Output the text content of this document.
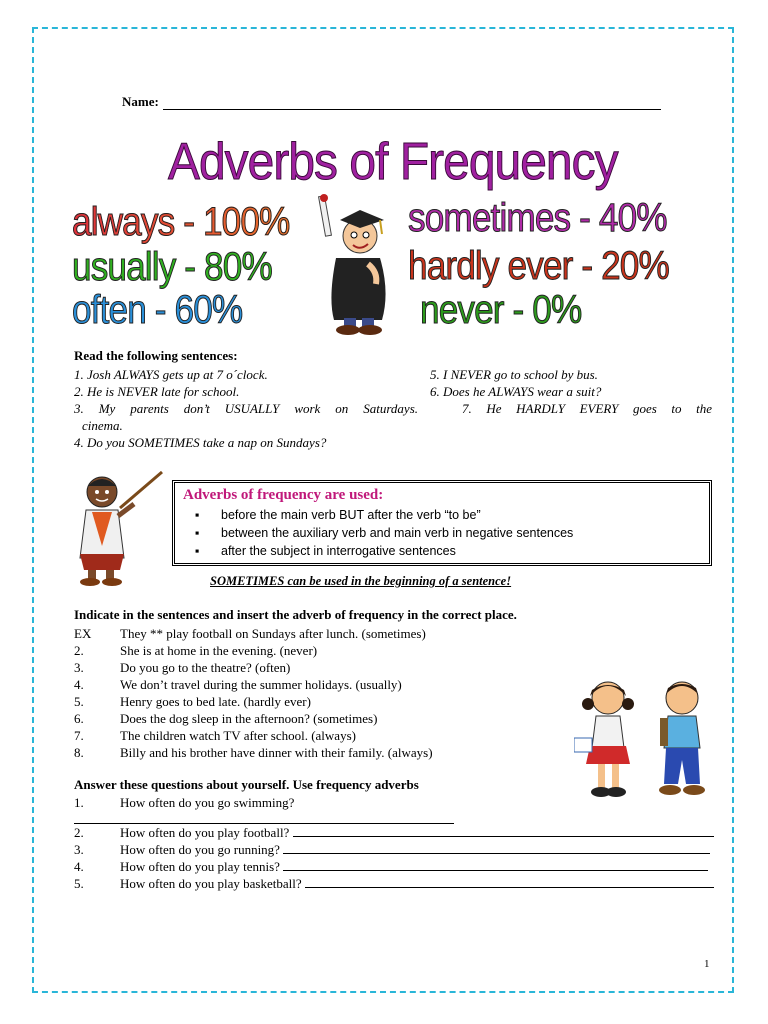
Name:
Adverbs of Frequency
always - 100%
usually - 80%
often - 60%
sometimes - 40%
hardly ever - 20%
never - 0%
Read the following sentences:
1. Josh ALWAYS gets up at 7 o´clock.
2. He is NEVER late for school.
3. My parents don’t USUALLY work on Saturdays.
cinema.
4. Do you SOMETIMES take a nap on Sundays?
5. I NEVER go to school by bus.
6. Does he ALWAYS wear a suit?
7. He HARDLY EVERY goes to the
Adverbs of frequency are used:
▪ before the main verb BUT after the verb “to be”
▪ between the auxiliary verb and main verb in negative sentences
▪ after the subject in interrogative sentences
SOMETIMES can be used in the beginning of a sentence!
Indicate in the sentences and insert the adverb of frequency in the correct place.
EX	They ** play football on Sundays after lunch. (sometimes)
2.	She is at home in the evening. (never)
3.	Do you go to the theatre? (often)
4.	We don’t travel during the summer holidays. (usually)
5.	Henry goes to bed late. (hardly ever)
6.	Does the dog sleep in the afternoon? (sometimes)
7.	The children watch TV after school. (always)
8.	Billy and his brother have dinner with their family. (always)
Answer these questions about yourself. Use frequency adverbs
1.	How often do you go swimming?
2.	How often do you play football?

3.	How often do you go running?

4.	How often do you play tennis?

5.	How often do you play basketball?

1
